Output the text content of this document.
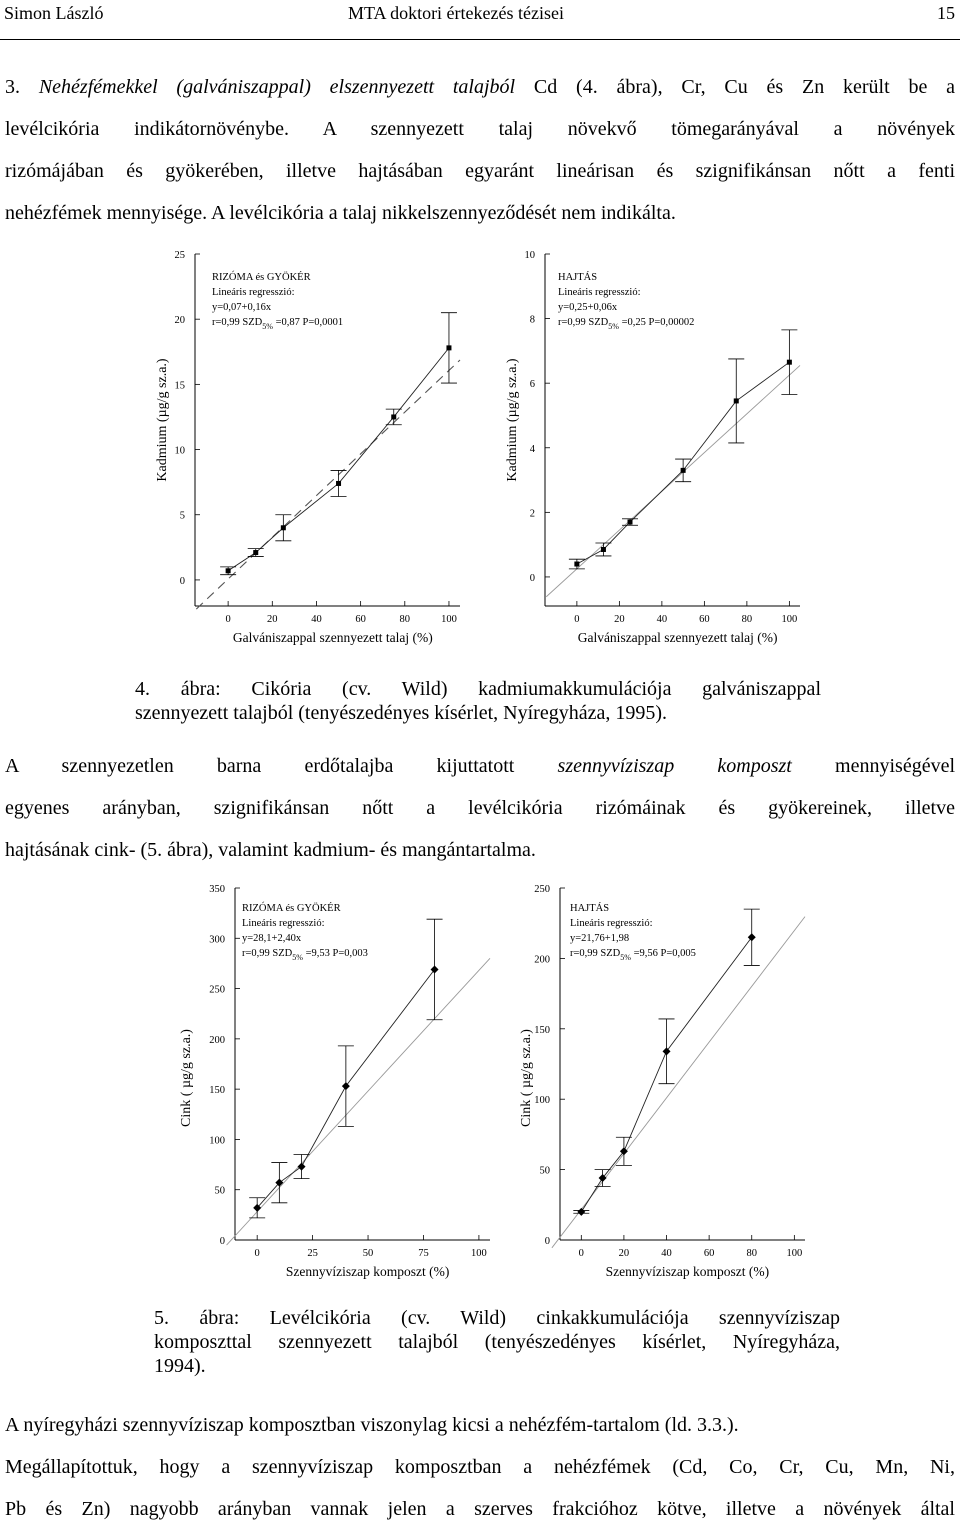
Simon László	MTA doktori értekezés tézisei	15
3. Nehézfémekkel (galvániszappal) elszennyezett talajból Cd (4. ábra), Cr, Cu és Zn került be a
levélcikória indikátornövénybe. A szennyezett talaj növekvő tömegarányával a növények
rizómájában és gyökerében, illetve hajtásában egyaránt lineárisan és szignifikánsan nőtt a fenti
nehézfémek mennyisége. A levélcikória a talaj nikkelszennyeződését nem indikálta.
0
5
10
15
20
25
0	20	40	60	80	100
Galvániszappal szennyezett talaj (%)
Kadmium (µg/g sz.a.)
RIZÓMA és GYÖKÉR
Lineáris regresszió:
y=0,07+0,16x
r=0,99 $SZD_{5\%} =0,87$ P=0,0001
0
2
4
6
8
10
0	20	40	60	80	100
Galvániszappal szennyezett talaj (%)
Kadmium (µg/g sz.a.)
HAJTÁS
Lineáris regresszió:
y=0,25+0,06x
r=0,99 $SZD_{5\%} =0,25$ P=0,00002
4. ábra: Cikória (cv. Wild) kadmiumakkumulációja galvániszappal
szennyezett talajból (tenyészedényes kísérlet, Nyíregyháza, 1995).
A szennyezetlen barna erdőtalajba kijuttatott szennyvíziszap komposzt mennyiségével
egyenes arányban, szignifikánsan nőtt a levélcikória rizómáinak és gyökereinek, illetve
hajtásának cink- (5. ábra), valamint kadmium- és mangántartalma.
0
50
100
150
200
250
300
350
0	25	50	75	100
Szennyvíziszap komposzt (%)
Cink ( µg/g sz.a.)
RIZÓMA és GYÖKÉR
Lineáris regresszió:
y=28,1+2,40x
r=0,99 $SZD_{5\%} =9,53$ P=0,003
0
50
100
150
200
250
0	20	40	60	80	100
Szennyvíziszap komposzt (%)
Cink ( µg/g sz.a.)
HAJTÁS
Lineáris regresszió:
y=21,76+1,98
r=0,99 $SZD_{5\%} =9,56$ P=0,005
5. ábra: Levélcikória (cv. Wild) cinkakkumulációja szennyvíziszap
komposzttal szennyezett talajból (tenyészedényes kísérlet, Nyíregyháza,
1994).
A nyíregyházi szennyvíziszap komposztban viszonylag kicsi a nehézfém-tartalom (ld. 3.3.).
Megállapítottuk, hogy a szennyvíziszap komposztban a nehézfémek (Cd, Co, Cr, Cu, Mn, Ni,
Pb és Zn) nagyobb arányban vannak jelen a szerves frakcióhoz kötve, illetve a növények által
